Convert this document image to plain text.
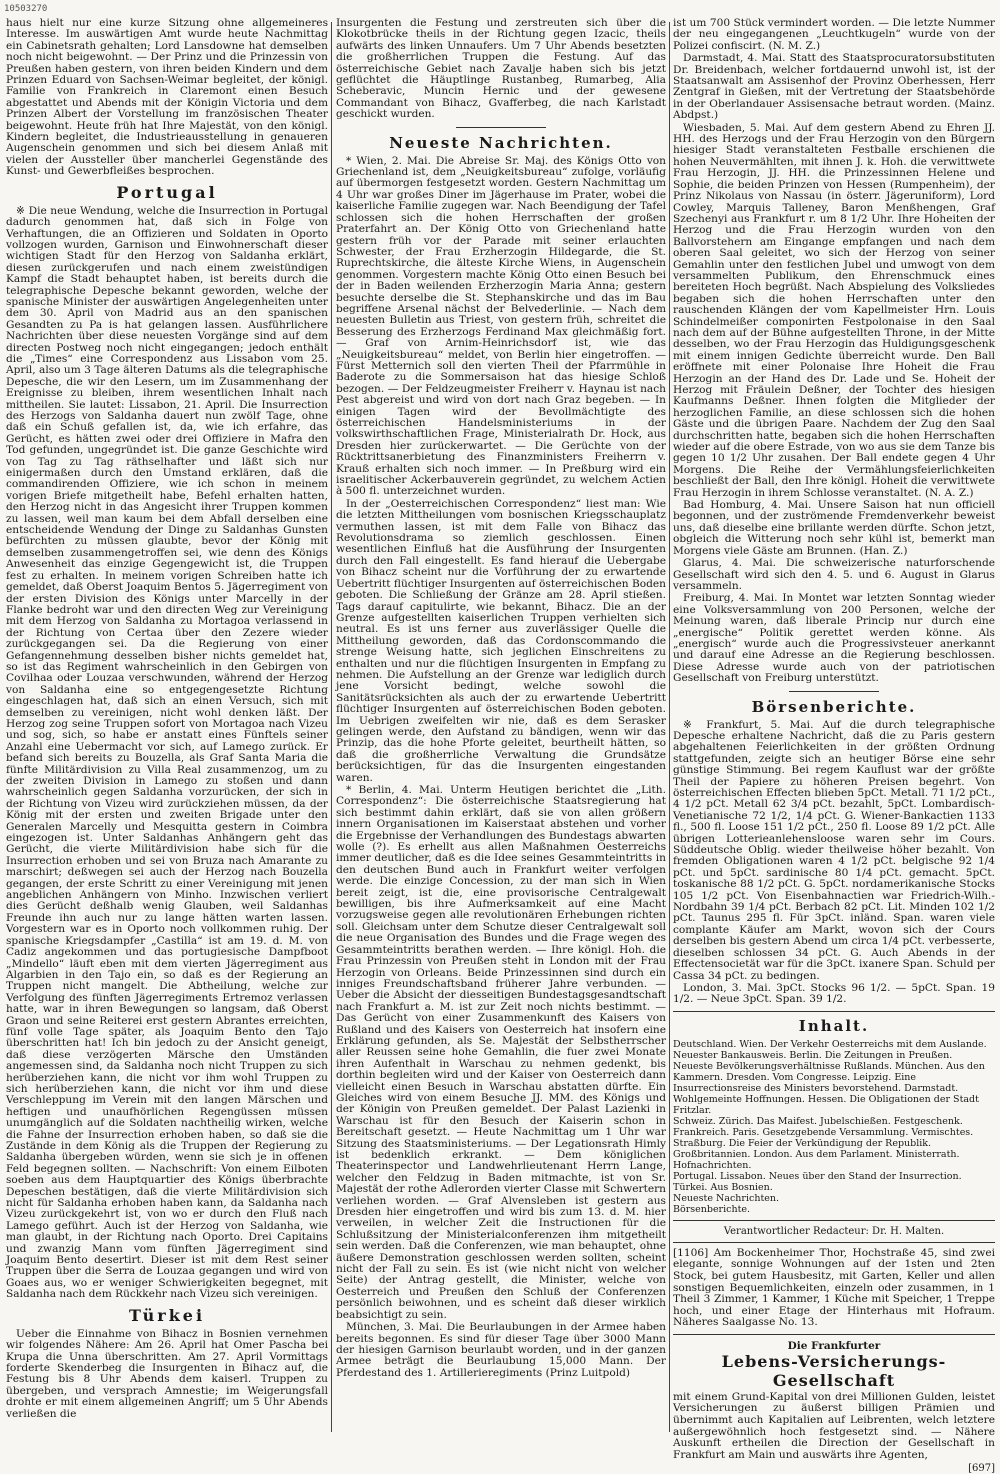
10503270

haus hielt nur eine kurze Sitzung ohne allgemeineres Interesse. Im auswärtigen Amt wurde heute Nachmittag ein Cabinetsrath gehalten; Lord Lansdowne hat demselben noch nicht beigewohnt. — Der Prinz und die Prinzessin von Preußen haben gestern, von ihren beiden Kindern und dem Prinzen Eduard von Sachsen-Weimar begleitet, der königl. Familie von Frankreich in Claremont einen Besuch abgestattet und Abends mit der Königin Victoria und dem Prinzen Albert der Vorstellung im französischen Theater beigewohnt. Heute früh hat Ihre Majestät, von den königl. Kindern begleitet, die Industrieausstellung in genaueren Augenschein genommen und sich bei diesem Anlaß mit vielen der Aussteller über mancherlei Gegenstände des Kunst- und Gewerbfleißes besprochen.

Portugal

※ Die neue Wendung, welche die Insurrection in Portugal dadurch genommen hat, daß sich in Folge von Verhaftungen, die an Offizieren und Soldaten in Oporto vollzogen wurden, Garnison und Einwohnerschaft dieser wichtigen Stadt für den Herzog von Saldanha erklärt, diesen zurückgerufen und nach einem zweistündigen Kampf die Stadt behauptet haben, ist bereits durch die telegraphische Depesche bekannt geworden, welche der spanische Minister der auswärtigen Angelegenheiten unter dem 30. April von Madrid aus an den spanischen Gesandten zu Pa is hat gelangen lassen. Ausführlichere Nachrichten über diese neuesten Vorgänge sind auf dem directen Postweg noch nicht eingegangen; jedoch enthält die „Times“ eine Correspondenz aus Lissabon vom 25. April, also um 3 Tage älteren Datums als die telegraphische Depesche, die wir den Lesern, um im Zusammenhang der Ereignisse zu bleiben, ihrem wesentlichen Inhalt nach mittheilen. Sie lautet: Lissabon, 21. April. Die Insurrection des Herzogs von Saldanha dauert nun zwölf Tage, ohne daß ein Schuß gefallen ist, da, wie ich erfahre, das Gerücht, es hätten zwei oder drei Offiziere in Mafra den Tod gefunden, ungegründet ist. Die ganze Geschichte wird von Tag zu Tag räthselhafter und läßt sich nur einigermaßen durch den Umstand erklären, daß die commandirenden Offiziere, wie ich schon in meinem vorigen Briefe mitgetheilt habe, Befehl erhalten hatten, den Herzog nicht in das Angesicht ihrer Truppen kommen zu lassen, weil man kaum bei dem Abfall derselben eine entscheidende Wendung der Dinge zu Saldanhas Gunsten befürchten zu müssen glaubte, bevor der König mit demselben zusammengetroffen sei, wie denn des Königs Anwesenheit das einzige Gegengewicht ist, die Truppen fest zu erhalten. In meinem vorigen Schreiben hatte ich gemeldet, daß Oberst Joaquim Bentos 5. Jägerregiment von der ersten Division des Königs unter Marcelly in der Flanke bedroht war und den directen Weg zur Vereinigung mit dem Herzog von Saldanha zu Mortagoa verlassend in der Richtung von Certaa über den Zezere wieder zurückgegangen sei. Da die Regierung von einer Gefangennehmung desselben bisher nichts gemeldet hat, so ist das Regiment wahrscheinlich in den Gebirgen von Covilhaa oder Louzaa verschwunden, während der Herzog von Saldanha eine so entgegengesetzte Richtung eingeschlagen hat, daß sich an einen Versuch, sich mit demselben zu vereinigen, nicht wohl denken läßt. Der Herzog zog seine Truppen sofort von Mortagoa nach Vizeu und sog, sich, so habe er anstatt eines Fünftels seiner Anzahl eine Uebermacht vor sich, auf Lamego zurück. Er befand sich bereits zu Bouzella, als Graf Santa Maria die fünfte Militärdivision zu Villa Real zusammenzog, um zu der zweiten Division in Lamego zu stoßen und dann wahrscheinlich gegen Saldanha vorzurücken, der sich in der Richtung von Vizeu wird zurückziehen müssen, da der König mit der ersten und zweiten Brigade unter den Generalen Marcelly und Mesquitta gestern in Coimbra eingezogen ist. Unter Saldanhas Anhängern geht das Gerücht, die vierte Militärdivision habe sich für die Insurrection erhoben und sei von Bruza nach Amarante zu marschirt; deßwegen sei auch der Herzog nach Bouzella gegangen, der erste Schritt zu einer Vereinigung mit jenen angeblichen Anhängern von Minho. Inzwischen verliert dies Gerücht deßhalb wenig Glauben, weil Saldanhas Freunde ihn auch nur zu lange hätten warten lassen. Vorgestern war es in Oporto noch vollkommen ruhig. Der spanische Kriegsdampfer „Castilla“ ist am 19. d. M. von Cadiz angekommen und das portugiesische Dampfboot „Mindello“ läuft eben mit dem vierten Jägerregiment aus Algarbien in den Tajo ein, so daß es der Regierung an Truppen nicht mangelt. Die Abtheilung, welche zur Verfolgung des fünften Jägerregiments Ertremoz verlassen hatte, war in ihren Bewegungen so langsam, daß Oberst Graon und seine Reiterei erst gestern Abrantes erreichten, fünf volle Tage später, als Joaquim Bento den Tajo überschritten hat! Ich bin jedoch zu der Ansicht geneigt, daß diese verzögerten Märsche den Umständen angemessen sind, da Saldanha noch nicht Truppen zu sich herüberziehen kann, die nicht vor ihm wohl Truppen zu sich herüberziehen kann, die nicht vor ihm und diese Verschleppung im Verein mit den langen Märschen und heftigen und unaufhörlichen Regengüssen müssen unumgänglich auf die Soldaten nachtheilig wirken, welche die Fahne der Insurrection erhoben haben, so daß sie die Zustände in dem König als die Truppen der Regierung zu Saldanha übergeben würden, wenn sie sich je in offenen Feld begegnen sollten. — Nachschrift: Von einem Eilboten soeben aus dem Hauptquartier des Königs überbrachte Depeschen bestätigen, daß die vierte Militärdivision sich nicht für Saldanha erhoben haben kann, da Saldanha nach Vizeu zurückgekehrt ist, von wo er durch den Fluß nach Lamego geführt. Auch ist der Herzog von Saldanha, wie man glaubt, in der Richtung nach Oporto. Drei Capitains und zwanzig Mann vom fünften Jägerregiment sind Joaquim Bento desertirt. Dieser ist mit dem Rest seiner Truppen über die Serra de Louzaa gegangen und wird von Goaes aus, wo er weniger Schwierigkeiten begegnet, mit Saldanha nach dem Rückkehr nach Vizeu sich vereinigen.

Türkei

Ueber die Einnahme von Bihacz in Bosnien vernehmen wir folgendes Nähere: Am 26. April hat Omer Pascha bei Krupa die Unna überschritten. Am 27. April Vormittags forderte Skenderbeg die Insurgenten in Bihacz auf, die Festung bis 8 Uhr Abends dem kaiserl. Truppen zu übergeben, und versprach Amnestie; im Weigerungsfall drohte er mit einem allgemeinen Angriff; um 5 Uhr Abends verließen die

Insurgenten die Festung und zerstreuten sich über die Klokotbrücke theils in der Richtung gegen Izacic, theils aufwärts des linken Unnaufers. Um 7 Uhr Abends besetzten die großherrlichen Truppen die Festung. Auf das österreichische Gebiet nach Zavalje haben sich bis jetzt geflüchtet die Häuptlinge Rustanbeg, Rumarbeg, Alia Scheberavic, Muncin Hernic und der gewesene Commandant von Bihacz, Gvafferbeg, die nach Karlstadt geschickt wurden.

Neueste Nachrichten.

* Wien, 2. Mai. Die Abreise Sr. Maj. des Königs Otto von Griechenland ist, dem „Neuigkeitsbureau“ zufolge, vorläufig auf übermorgen festgesetzt worden. Gestern Nachmittag um 4 Uhr war großes Diner im Jägerhause im Prater, wobei die kaiserliche Familie zugegen war. Nach Beendigung der Tafel schlossen sich die hohen Herrschaften der großen Praterfahrt an. Der König Otto von Griechenland hatte gestern früh vor der Parade mit seiner erlauchten Schwester, der Frau Erzherzogin Hildegarde, die St. Ruprechtskirche, die älteste Kirche Wiens, in Augenschein genommen. Vorgestern machte König Otto einen Besuch bei der in Baden weilenden Erzherzogin Maria Anna; gestern besuchte derselbe die St. Stephanskirche und das im Bau begriffene Arsenal nächst der Belvederlinie. — Nach dem neuesten Bulletin aus Triest, von gestern früh, schreitet die Besserung des Erzherzogs Ferdinand Max gleichmäßig fort. — Graf von Arnim-Heinrichsdorf ist, wie das „Neuigkeitsbureau“ meldet, von Berlin hier eingetroffen. — Fürst Metternich soll den vierten Theil der Pfarrmühle in Baderote zu die Sommersaison hat das hiesige Schloß bezogen. — Der Feldzeugmeister Freiherr v. Haynau ist nach Pest abgereist und wird von dort nach Graz begeben. — In einigen Tagen wird der Bevollmächtigte des österreichischen Handelsministeriums in der volkswirthschaftlichen Frage, Ministerialrath Dr. Hock, aus Dresden hier zurückerwartet. — Die Gerüchte von der Rücktrittsanerbietung des Finanzministers Freiherrn v. Krauß erhalten sich noch immer. — In Preßburg wird ein israelitischer Ackerbauverein gegründet, zu welchem Actien à 500 fl. unterzeichnet wurden.

In der „Oesterreichischen Correspondenz“ liest man: Wie die letzten Mittheilungen vom bosnischen Kriegsschauplatz vermuthen lassen, ist mit dem Falle von Bihacz das Revolutionsdrama so ziemlich geschlossen. Einen wesentlichen Einfluß hat die Ausführung der Insurgenten durch den Fall eingestellt. Es fand hierauf die Uebergabe von Bihacz scheint nur die Vorführung der zu erwartende Uebertritt flüchtiger Insurgenten auf österreichischen Boden geboten. Die Schließung der Gränze am 28. April stießen. Tags darauf capitulirte, wie bekannt, Bihacz. Die an der Grenze aufgestellten kaiserlichen Truppen verhielten sich neutral. Es ist uns ferner aus zuverlässiger Quelle die Mittheilung geworden, daß das Cordonscommando die strenge Weisung hatte, sich jeglichen Einschreitens zu enthalten und nur die flüchtigen Insurgenten in Empfang zu nehmen. Die Aufstellung an der Grenze war lediglich durch jene Vorsicht bedingt, welche sowohl die Sanitätsrücksichten als auch der zu erwartende Uebertritt flüchtiger Insurgenten auf österreichischen Boden geboten. Im Uebrigen zweifelten wir nie, daß es dem Serasker gelingen werde, den Aufstand zu bändigen, wenn wir das Prinzip, das die hohe Pforte geleitet, beurtheilt hätten, so daß die großherrliche Verwaltung die Grundsätze berücksichtigen, für das die Insurgenten eingestanden waren.

* Berlin, 4. Mai. Unterm Heutigen berichtet die „Lith. Correspondenz“: Die österreichische Staatsregierung hat sich bestimmt dahin erklärt, daß sie von allen größern innern Organisationen im Kaiserstaat abstehen und vorher die Ergebnisse der Verhandlungen des Bundestags abwarten wolle (?). Es erhellt aus allen Maßnahmen Oesterreichs immer deutlicher, daß es die Idee seines Gesammteintritts in den deutschen Bund auch in Frankfurt weiter verfolgen werde. Die einzige Concession, zu der man sich in Wien bereit zeigt, ist die, eine provisorische Centralgewalt bewilligen, bis ihre Aufmerksamkeit auf eine Macht vorzugsweise gegen alle revolutionären Erhebungen richten soll. Gleichsam unter dem Schutze dieser Centralgewalt soll die neue Organisation des Bundes und die Frage wegen des Gesammteintritts berathen werden. — Ihre königl. Hoh. die Frau Prinzessin von Preußen steht in London mit der Frau Herzogin von Orleans. Beide Prinzessinnen sind durch ein inniges Freundschaftsband früherer Jahre verbunden. — Ueber die Absicht der diesseitigen Bundestagsgesandtschaft nach Frankfurt a. M. ist zur Zeit noch nichts bestimmt. — Das Gerücht von einer Zusammenkunft des Kaisers von Rußland und des Kaisers von Oesterreich hat insofern eine Erklärung gefunden, als Se. Majestät der Selbstherrscher aller Reussen seine hohe Gemahlin, die fuer zwei Monate ihren Aufenthalt in Warschau zu nehmen gedenkt, bis dorthin begleiten wird und der Kaiser von Oesterreich dann vielleicht einen Besuch in Warschau abstatten dürfte. Ein Gleiches wird von einem Besuche JJ. MM. des Königs und der Königin von Preußen gemeldet. Der Palast Lazienki in Warschau ist für den Besuch der Kaiserin schon in Bereitschaft gesetzt. — Heute Nachmittag um 1 Uhr war Sitzung des Staatsministeriums. — Der Legationsrath Himly ist bedenklich erkrankt. — Dem königlichen Theaterinspector und Landwehrlieutenant Herrn Lange, welcher den Feldzug in Baden mitmachte, ist von Sr. Majestät der rothe Adlerorden vierter Classe mit Schwertern verliehen worden. — Graf Alvensleben ist gestern aus Dresden hier eingetroffen und wird bis zum 13. d. M. hier verweilen, in welcher Zeit die Instructionen für die Schlußsitzung der Ministerialconferenzen ihm mitgetheilt sein werden. Daß die Conferenzen, wie man behauptet, ohne äußere Demonstration geschlossen werden sollten, scheint nicht der Fall zu sein. Es ist (wie nicht nicht von welcher Seite) der Antrag gestellt, die Minister, welche von Oesterreich und Preußen den Schluß der Conferenzen persönlich beiwohnen, und es scheint daß dieser wirklich beabsichtigt zu sein.

München, 3. Mai. Die Beurlaubungen in der Armee haben bereits begonnen. Es sind für dieser Tage über 3000 Mann der hiesigen Garnison beurlaubt worden, und in der ganzen Armee beträgt die Beurlaubung 15,000 Mann. Der Pferdestand des 1. Artillerieregiments (Prinz Luitpold)

ist um 700 Stück vermindert worden. — Die letzte Nummer der neu eingegangenen „Leuchtkugeln“ wurde von der Polizei confiscirt. (N. M. Z.)

Darmstadt, 4. Mai. Statt des Staatsprocuratorsubstituten Dr. Breidenbach, welcher fortdauernd unwohl ist, ist der Staatsanwalt am Assisenhof der Provinz Oberhessen, Herr Zentgraf in Gießen, mit der Vertretung der Staatsbehörde in der Oberlandauer Assisensache betraut worden. (Mainz. Abdpst.)

Wiesbaden, 5. Mai. Auf dem gestern Abend zu Ehren JJ. HH. des Herzogs und der Frau Herzogin von den Bürgern hiesiger Stadt veranstalteten Festballe erschienen die hohen Neuvermählten, mit ihnen J. k. Hoh. die verwittwete Frau Herzogin, JJ. HH. die Prinzessinnen Helene und Sophie, die beiden Prinzen von Hessen (Rumpenheim), der Prinz Nikolaus von Nassau (in österr. Jägeruniform), Lord Cowley, Marquis Talleney, Baron Menßhengen, Graf Szechenyi aus Frankfurt r. um 8 1/2 Uhr. Ihre Hoheiten der Herzog und die Frau Herzogin wurden von den Ballvorstehern am Eingange empfangen und nach dem oberen Saal geleitet, wo sich der Herzog von seiner Gemahlin unter den festlichen Jubel und umwogt von dem versammelten Publikum, den Ehrenschmuck eines bereiteten Hoch begrüßt. Nach Abspielung des Volksliedes begaben sich die hohen Herrschaften unter den rauschenden Klängen der vom Kapellmeister Hrn. Louis Schindelmeißer componirten Festpolonaise in den Saal nach dem auf der Bühne aufgestellten Throne, in der Mitte desselben, wo der Frau Herzogin das Huldigungsgeschenk mit einem innigen Gedichte überreicht wurde. Den Ball eröffnete mit einer Polonaise Ihre Hoheit die Frau Herzogin an der Hand des Dr. Lade und Se. Hoheit der Herzog mit Fräulein Deßner, der Tochter des hiesigen Kaufmanns Deßner. Ihnen folgten die Mitglieder der herzoglichen Familie, an diese schlossen sich die hohen Gäste und die übrigen Paare. Nachdem der Zug den Saal durchschritten hatte, begaben sich die hohen Herrschaften wieder auf die obere Estrade, von wo aus sie dem Tanze bis gegen 10 1/2 Uhr zusahen. Der Ball endete gegen 4 Uhr Morgens. Die Reihe der Vermählungsfeierlichkeiten beschließt der Ball, den Ihre königl. Hoheit die verwittwete Frau Herzogin in ihrem Schlosse veranstaltet. (N. A. Z.)

Bad Homburg, 4. Mai. Unsere Saison hat nun officiell begonnen, und der zuströmende Fremdenverkehr beweist uns, daß dieselbe eine brillante werden dürfte. Schon jetzt, obgleich die Witterung noch sehr kühl ist, bemerkt man Morgens viele Gäste am Brunnen. (Han. Z.)

Glarus, 4. Mai. Die schweizerische naturforschende Gesellschaft wird sich den 4. 5. und 6. August in Glarus versammeln.

Freiburg, 4. Mai. In Montet war letzten Sonntag wieder eine Volksversammlung von 200 Personen, welche der Meinung waren, daß liberale Princip nur durch eine „energische“ Politik gerettet werden könne. Als „energisch“ wurde auch die Progressivsteuer anerkannt und darauf eine Adresse an die Regierung beschlossen. Diese Adresse wurde auch von der patriotischen Gesellschaft von Freiburg unterstützt.

Börsenberichte.

※ Frankfurt, 5. Mai. Auf die durch telegraphische Depesche erhaltene Nachricht, daß die zu Paris gestern abgehaltenen Feierlichkeiten in der größten Ordnung stattgefunden, zeigte sich an heutiger Börse eine sehr günstige Stimmung. Bei regem Kauflust war der größte Theil der Papiere zu höheren Preisen begehrt. Von österreichischen Effecten blieben 5pCt. Metall. 71 1/2 pCt., 4 1/2 pCt. Metall 62 3/4 pCt. bezahlt, 5pCt. Lombardisch-Venetianische 72 1/2, 1/4 pCt. G. Wiener-Bankactien 1133 fl., 500 fl. Loose 151 1/2 pCt., 250 fl. Loose 89 1/2 pCt. Alle übrigen Lotterieanlehensloose waren sehr im Cours. Süddeutsche Oblig. wieder theilweise höher bezahlt. Von fremden Obligationen waren 4 1/2 pCt. belgische 92 1/4 pCt. und 5pCt. sardinische 80 1/4 pCt. gemacht. 5pCt. toskanische 88 1/2 pCt. G. 5pCt. nordamerikanische Stocks 105 1/2 pCt. Von Eisenbahnactien war Friedrich-Wilh.-Nordbahn 39 1/4 pCt. Berbach 82 pCt. Lit. Minden 102 1/2 pCt. Taunus 295 fl. Für 3pCt. inländ. Span. waren viele complante Käufer am Markt, wovon sich der Cours derselben bis gestern Abend um circa 1/4 pCt. verbesserte, dieselben schlossen 34 pCt. G. Auch Abends in der Effectensocietät war für die 3pCt. ixanere Span. Schuld per Cassa 34 pCt. zu bedingen.

London, 3. Mai. 3pCt. Stocks 96 1/2. — 5pCt. Span. 19 1/2. — Neue 3pCt. Span. 39 1/2.

Inhalt.

Deutschland. Wien. Der Verkehr Oesterreichs mit dem Auslande. Neuester Bankausweis. Berlin. Die Zeitungen in Preußen. Neueste Bevölkerungsverhältnisse Rußlands. München. Aus den Kammern. Dresden. Vom Congresse. Leipzig. Eine Insurrectionsreise des Ministers bevorstehend. Darmstadt. Wohlgemeinte Hoffnungen. Hessen. Die Obligationen der Stadt Fritzlar.

Schweiz. Zürich. Das Maifest. Jubelschießen. Festgeschenk.

Frankreich. Paris. Gesetzgebende Versammlung. Vermischtes. Straßburg. Die Feier der Verkündigung der Republik.

Großbritannien. London. Aus dem Parlament. Ministerrath. Hofnachrichten.

Portugal. Lissabon. Neues über den Stand der Insurrection.

Türkei. Aus Bosnien.

Neueste Nachrichten.

Börsenberichte.

Verantwortlicher Redacteur: Dr. H. Malten.

[1106] Am Bockenheimer Thor, Hochstraße 45, sind zwei elegante, sonnige Wohnungen auf der 1sten und 2ten Stock, bei gutem Hausbesitz, mit Garten, Keller und allen sonstigen Bequemlichkeiten, einzeln oder zusammen, in 1 Theil 3 Zimmer, 1 Kammer, 1 Küche mit Speicher, 1 Treppe hoch, und einer Etage der Hinterhaus mit Hofraum. Näheres Saalgasse No. 13.

Die Frankfurter
Lebens-Versicherungs-Gesellschaft

mit einem Grund-Kapital von drei Millionen Gulden, leistet Versicherungen zu äußerst billigen Prämien und übernimmt auch Kapitalien auf Leibrenten, welch letztere außergewöhnlich hoch festgesetzt sind. — Nähere Auskunft ertheilen die Direction der Gesellschaft in Frankfurt am Main und auswärts ihre Agenten,

[697]
